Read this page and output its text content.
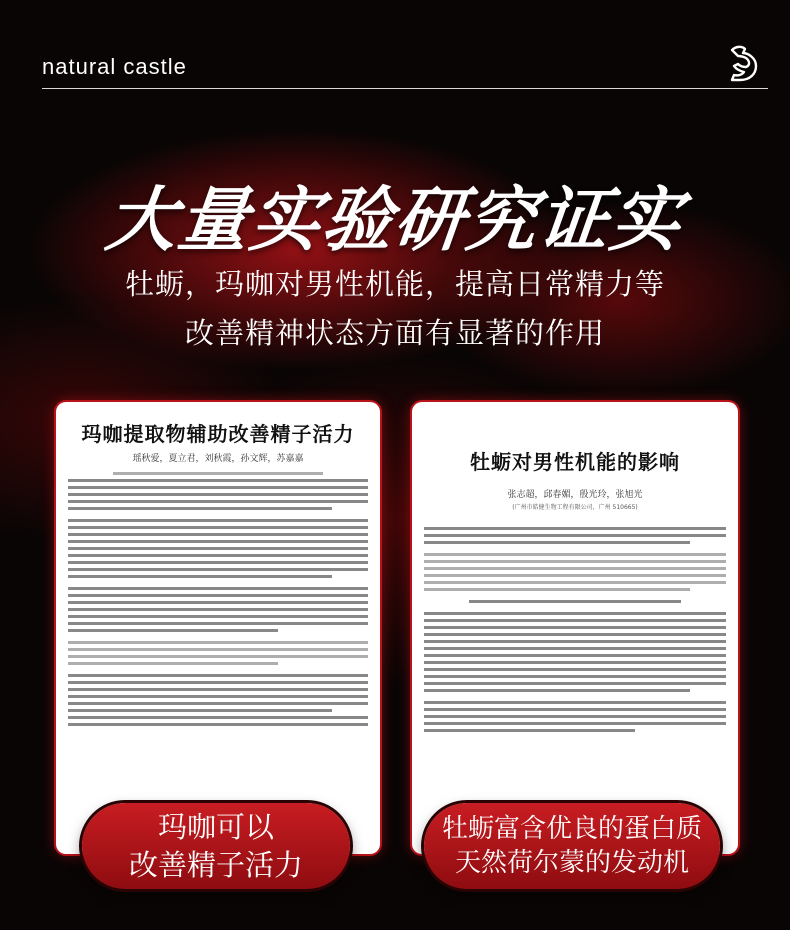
natural castle
大量实验研究证实
牡蛎，玛咖对男性机能，提高日常精力等
改善精神状态方面有显著的作用
玛咖提取物辅助改善精子活力
瑶秋爱，夏立君，刘秋霞，孙文辉，苏嘉嘉	牡蛎对男性机能的影响
张志超，邱春媚，殷光玲，张旭光
(广州市皓健生物工程有限公司，广州 510665)
玛咖可以
改善精子活力
牡蛎富含优良的蛋白质
天然荷尔蒙的发动机
